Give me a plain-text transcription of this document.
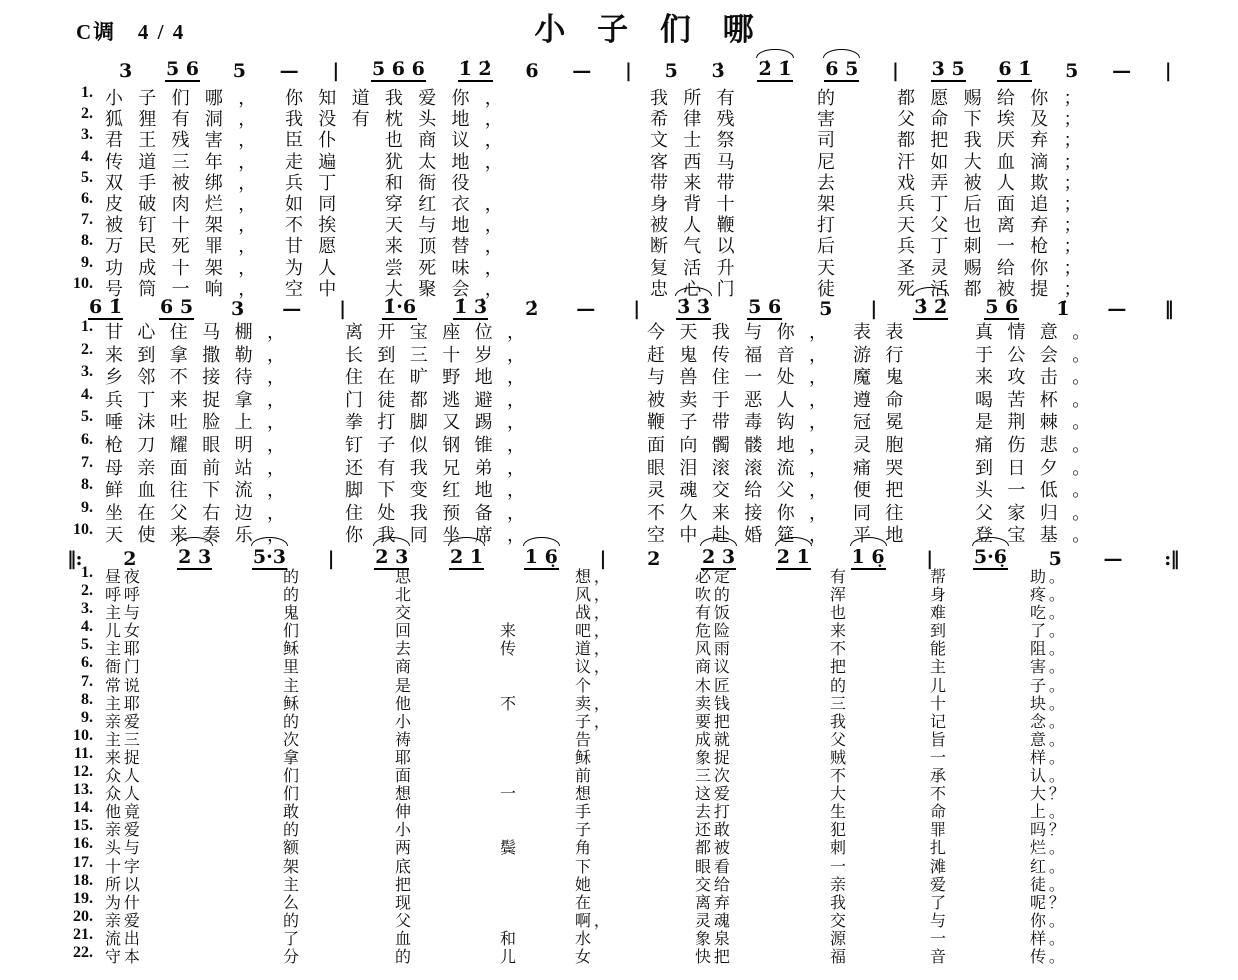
C调 4 / 4	小 子 们 哪
3 5 6 5 — | 5 6 6 1̇ 2̇ 6 — | 5 3̇ 2̇ 1̇ 6 5 | 3 5 6 1̇ 5 — |
6 1̇ 6 5 3 — | 1̇·6 1̇ 3̇ 2̇ — | 3̇ 3̇ 5 6 5 | 3̇ 2̇ 5 6 1̇ — ‖
‖: 2 2 3 5·3 | 2 3 2 1 1 6̣ | 2 2 3 2 1 1 6̣ | 5·6̣ 5 — :‖
1. 小子们哪， 你知道我爱你，	我所有	的	都愿赐给你；
2. 狐狸有洞， 我没有枕头地，	希律残	害	父命下埃及；
3. 君王残害， 臣仆　也商议，	文士祭	司	都把我厌弃；
4. 传道三年， 走遍　犹太地，	客西马	尼	汗如大血滴；
5. 双手被绑， 兵丁　和衙役	带来带	去	戏弄被人欺；
6. 皮破肉烂， 如同　穿红衣，	身背十	架	兵丁后面追；
7. 被钉十架， 不挨　天与地，	被人鞭	打	天父也离弃；
8. 万民死罪， 甘愿　来顶替，	断气以	后	兵丁刺一枪；
9. 功成十架， 为人　尝死味，	复活升	天	圣灵赐给你；
10. 号筒一响， 空中　大聚会，	忠心门	徒	死活都被提；
1. 甘心住马棚，	离开宝座位，	今天我与你， 表表	真情意。
2. 来到拿撒勒，	长到三十岁，	赶鬼传福音， 游行	于公会。
3. 乡邻不接待，	住在旷野地，	与兽住一处， 魔鬼	来攻击。
4. 兵丁来捉拿，	门徒都逃避，	被卖于恶人， 遵命	喝苦杯。
5. 唾沫吐脸上，	拳打脚又踢，	鞭子带毒钩， 冠冕	是荆棘。
6. 枪刀耀眼明，	钉子似钢锥，	面向髑髅地， 灵胞	痛伤悲。
7. 母亲面前站，	还有我兄弟，	眼泪滚滚流， 痛哭	到日夕。
8. 鲜血往下流，	脚下变红地，	灵魂交给父， 便把	头一低。
9. 坐在父右边，	住处我预备，	不久来接你， 同往	父家归。
10. 天使来奏乐，	你我同坐席，	空中赴婚筵， 平地	登宝基。
1. 昼夜	的	思	想，	必定	有	帮	助。
2. 呼呼	的	北	风，	吹的	浑	身	疼。
3. 主与	鬼	交	战，	有饭	也	难	吃。
4. 儿女	们	回	来	吧，	危险	来	到	了。
5. 主耶	稣	去	传	道，	风雨	不	能	阻。
6. 衙门	里	商	议，	商议	把	主	害。
7. 常说	主	是	个	木匠	的	儿	子。
8. 主耶	稣	他	不	卖，	卖钱	三	十	块。
9. 亲爱	的	小	子，	要把	我	记	念。
10. 主三	次	祷	告	成就	父	旨	意。
11. 来捉	拿	耶	稣	象捉	贼	一	样。
12. 众人	们	面	前	三次	不	承	认。
13. 众人	们	想	一	想	这爱	大	不	大？
14. 他竟	敢	伸	手	去打	生	命	上。
15. 亲爱	的	小	子	还敢	犯	罪	吗？
16. 头与	额	两	鬓	角	都被	刺	扎	烂。
17. 十字	架	底	下	眼看	一	滩	红。
18. 所以	主	把	她	交给	亲	爱	徒。
19. 为什	么	现	在	离弃	我	了	呢？
20. 亲爱	的	父	啊，	灵魂	交	与	你。
21. 流出	了	血	和	水	象泉	源	一	样。
22. 守本	分	的	儿	女	快把	福	音	传。
